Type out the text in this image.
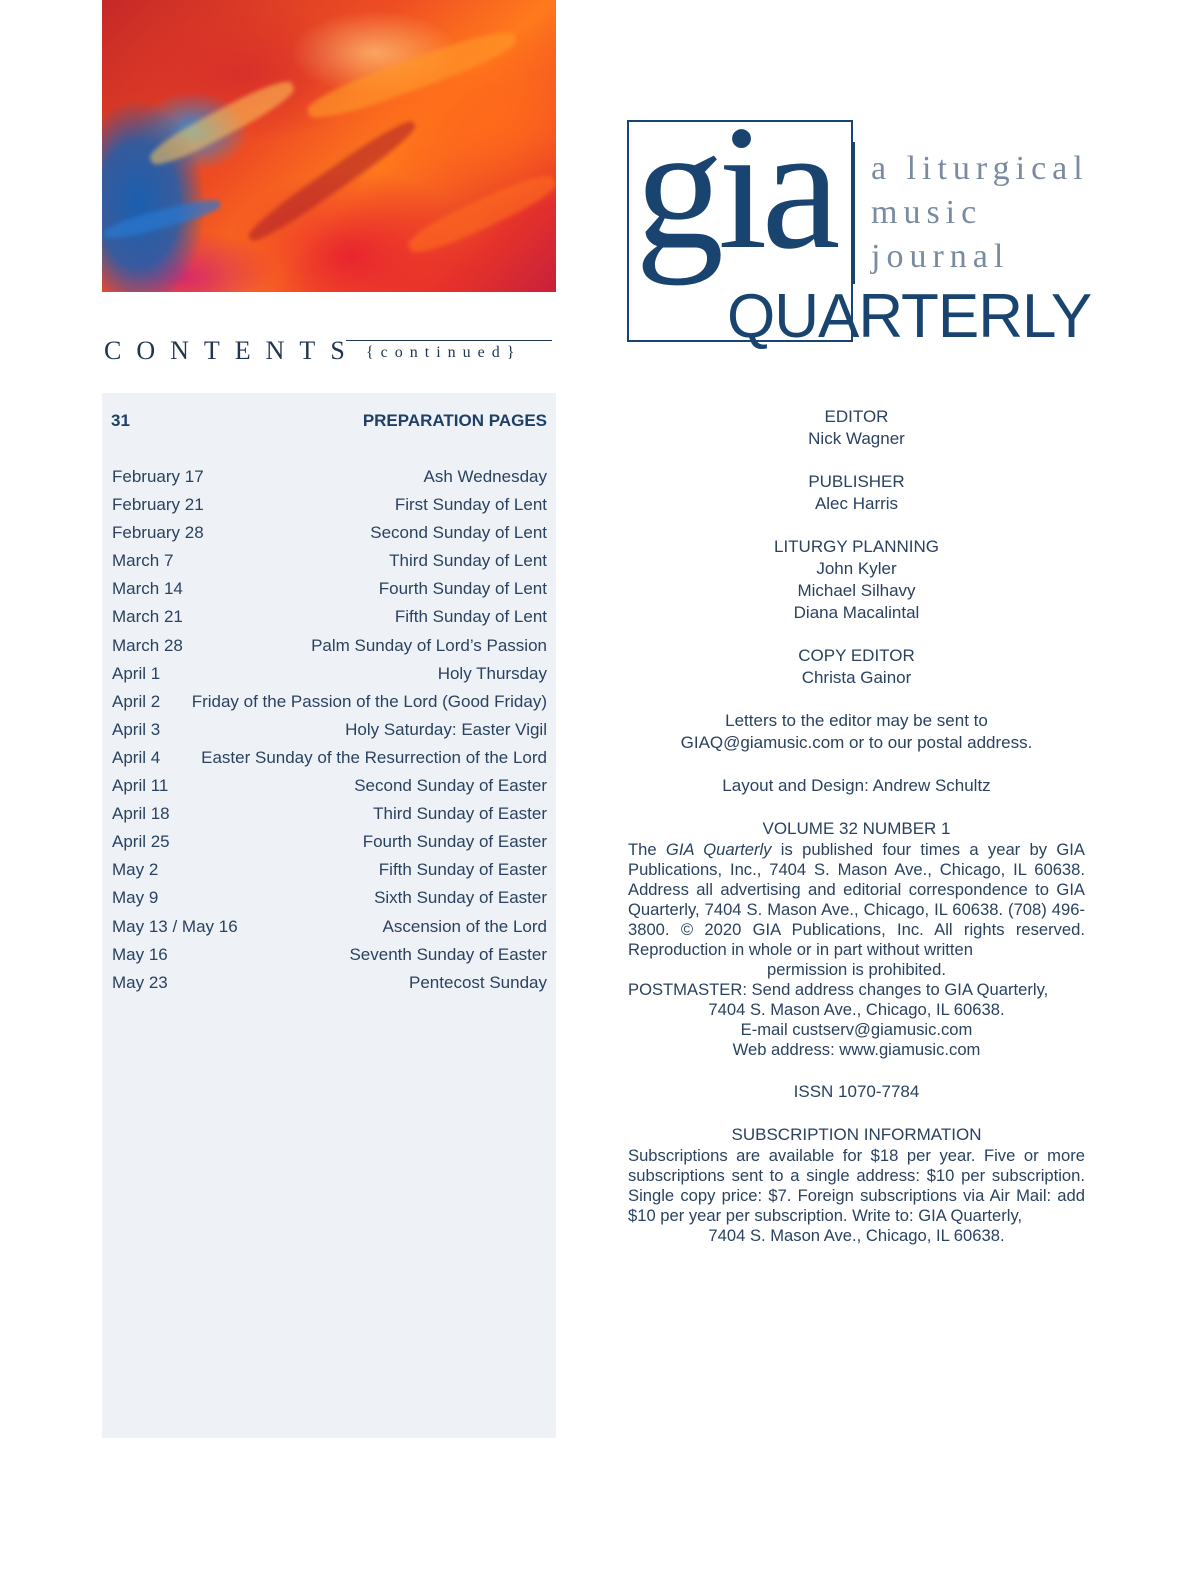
CONTENTS {continued}
31	PREPARATION PAGES
February 17	Ash Wednesday
February 21	First Sunday of Lent
February 28	Second Sunday of Lent
March 7	Third Sunday of Lent
March 14	Fourth Sunday of Lent
March 21	Fifth Sunday of Lent
March 28	Palm Sunday of Lord’s Passion
April 1	Holy Thursday
April 2 Friday of the Passion of the Lord (Good Friday)
April 3	Holy Saturday: Easter Vigil
April 4 Easter Sunday of the Resurrection of the Lord
April 11	Second Sunday of Easter
April 18	Third Sunday of Easter
April 25	Fourth Sunday of Easter
May 2	Fifth Sunday of Easter
May 9	Sixth Sunday of Easter
May 13 / May 16	Ascension of the Lord
May 16	Seventh Sunday of Easter
May 23	Pentecost Sunday
gia
QUARTERLY
a liturgical
music
journal
EDITOR
Nick Wagner
PUBLISHER
Alec Harris
LITURGY PLANNING
John Kyler
Michael Silhavy
Diana Macalintal
COPY EDITOR
Christa Gainor
Letters to the editor may be sent to
GIAQ@giamusic.com or to our postal address.
Layout and Design: Andrew Schultz
VOLUME 32 NUMBER 1
The GIA Quarterly is published four times a year by GIA Publications, Inc., 7404 S. Mason Ave., Chicago, IL 60638. Address all advertising and editorial correspondence to GIA Quarterly, 7404 S. Mason Ave., Chicago, IL 60638. (708) 496-3800. © 2020 GIA Publications, Inc. All rights reserved. Reproduction in whole or in part without written
permission is prohibited.
POSTMASTER: Send address changes to GIA Quarterly,
7404 S. Mason Ave., Chicago, IL 60638.
E-mail custserv@giamusic.com
Web address: www.giamusic.com
ISSN 1070-7784
SUBSCRIPTION INFORMATION
Subscriptions are available for $18 per year. Five or more subscriptions sent to a single address: $10 per subscription. Single copy price: $7. Foreign subscriptions via Air Mail: add $10 per year per subscription. Write to: GIA Quarterly,
7404 S. Mason Ave., Chicago, IL 60638.
